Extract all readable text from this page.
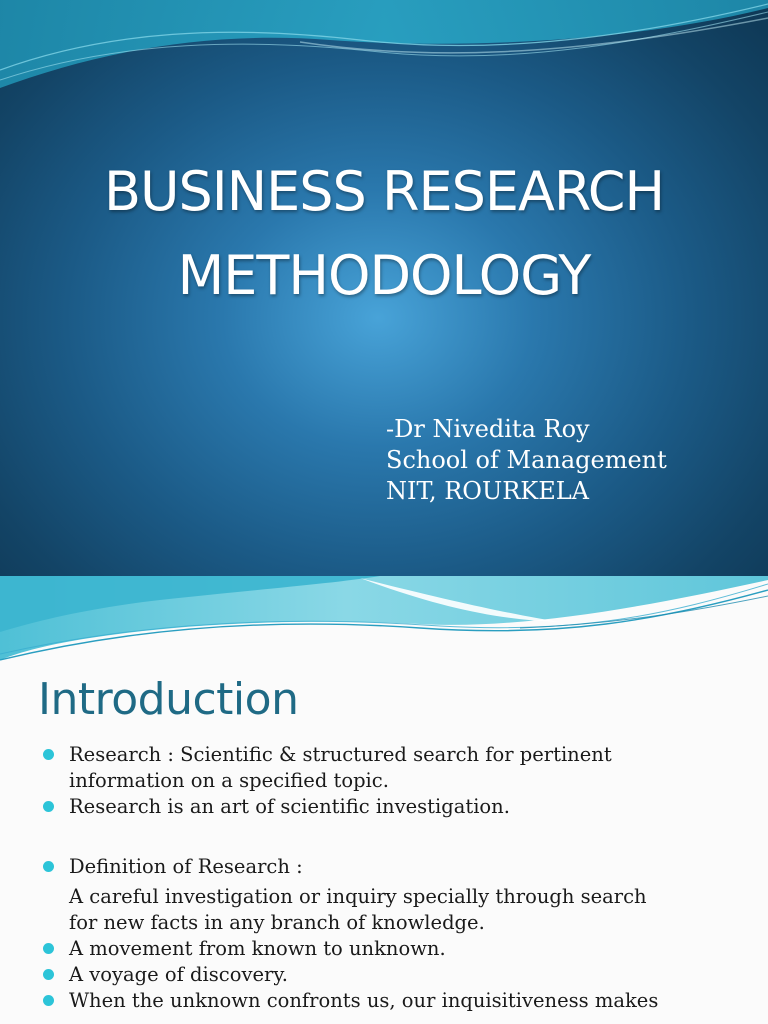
BUSINESS RESEARCH
METHODOLOGY
-Dr Nivedita Roy
School of Management
NIT, ROURKELA
Introduction
Research : Scientific & structured search for pertinent
information on a specified topic.
Research is an art of scientific investigation.
Definition of Research :
A careful investigation or inquiry specially through search
for new facts in any branch of knowledge.
A movement from known to unknown.
A voyage of discovery.
When the unknown confronts us, our inquisitiveness makes
